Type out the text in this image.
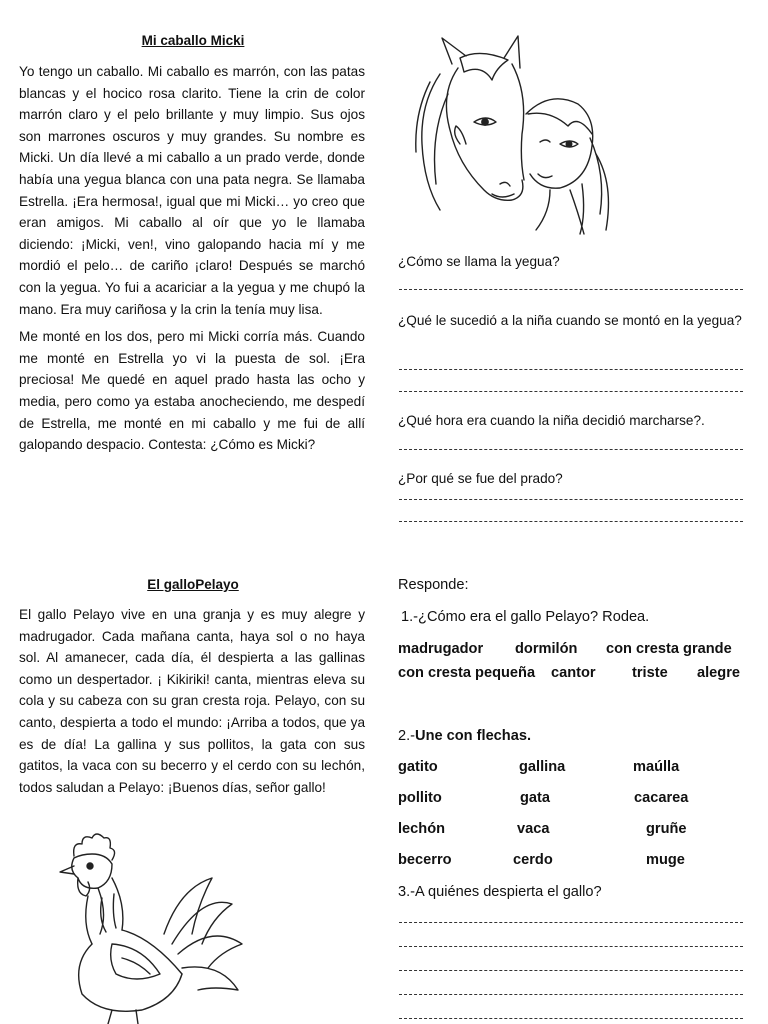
Mi caballo Micki

Yo tengo un caballo. Mi caballo es marrón, con las patas blancas y el hocico rosa clarito. Tiene la crin de color marrón claro y el pelo brillante y muy limpio. Sus ojos son marrones oscuros y muy grandes. Su nombre es Micki. Un día llevé a mi caballo a un prado verde, donde había una yegua blanca con una pata negra. Se llamaba Estrella. ¡Era hermosa!, igual que mi Micki… yo creo que eran amigos. Mi caballo al oír que yo le llamaba diciendo: ¡Micki, ven!, vino galopando hacia mí y me mordió el pelo… de cariño ¡claro! Después se marchó con la yegua. Yo fui a acariciar a la yegua y me chupó la mano. Era muy cariñosa y la crin la tenía muy lisa.

Me monté en los dos, pero mi Micki corría más. Cuando me monté en Estrella yo vi la puesta de sol. ¡Era preciosa! Me quedé en aquel prado hasta las ocho y media, pero como ya estaba anocheciendo, me despedí de Estrella, me monté en mi caballo y me fui de allí galopando despacio. Contesta: ¿Cómo es Micki?

¿Cómo se llama la yegua?
¿Qué le sucedió a la niña cuando se montó en la yegua?
¿Qué hora era cuando la niña decidió marcharse?.
¿Por qué se fue del prado?
El galloPelayo

El gallo Pelayo vive en una granja y es muy alegre y madrugador. Cada mañana canta, haya sol o no haya sol. Al amanecer, cada día, él despierta a las gallinas como un despertador. ¡ Kikiriki! canta, mientras eleva su cola y su cabeza con su gran cresta roja. Pelayo, con su canto, despierta a todo el mundo: ¡Arriba a todos, que ya es de día! La gallina y sus pollitos, la gata con sus gatitos, la vaca con su becerro y el cerdo con su lechón, todos saludan a Pelayo: ¡Buenos días, señor gallo!

Responde:
1.-¿Cómo era el gallo Pelayo? Rodea.
madrugador dormilón con cresta grande
con cresta pequeña cantor triste alegre
2.-Une con flechas.
gatito	gallina	maúlla
pollito	gata	cacarea
lechón	vaca	gruñe
becerro	cerdo	muge
3.-A quiénes despierta el gallo?
